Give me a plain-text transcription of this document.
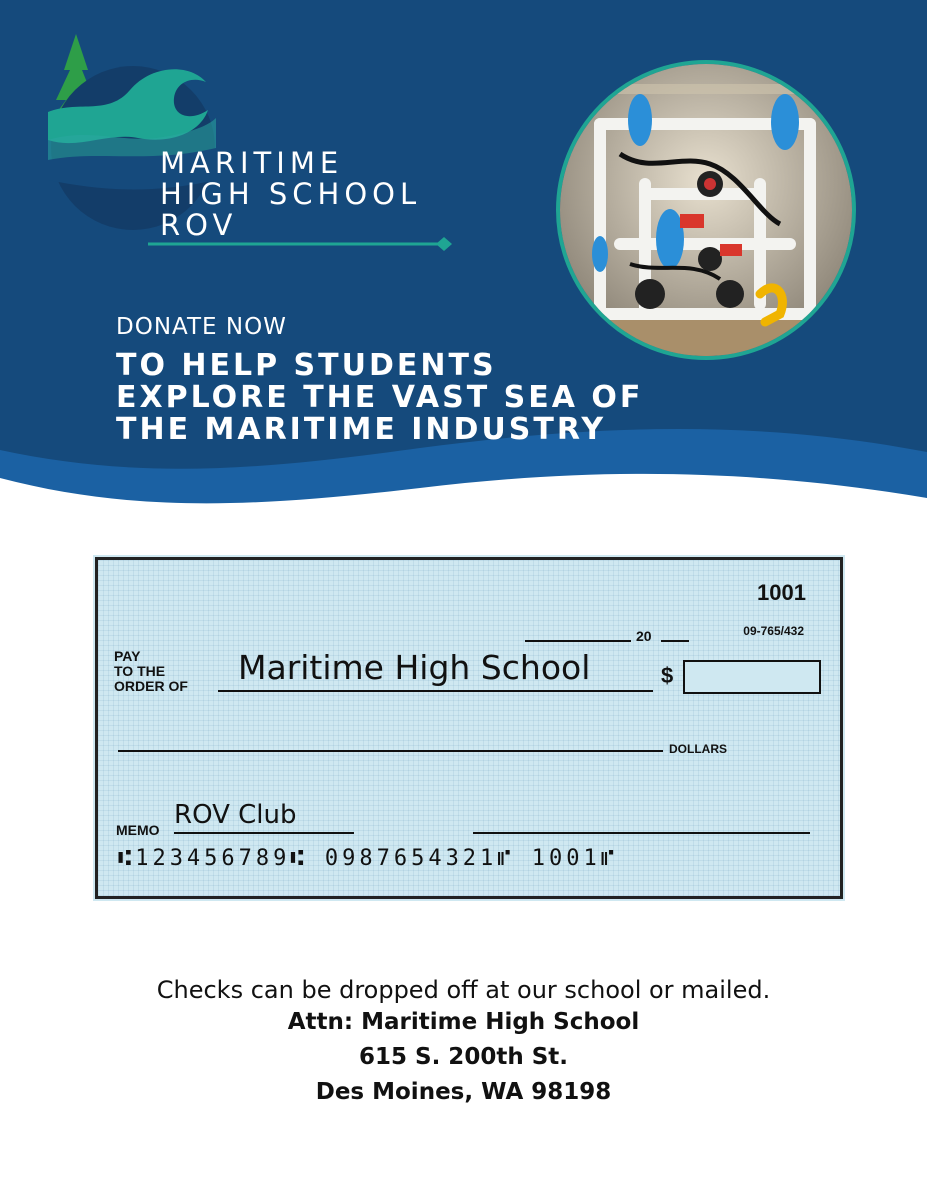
MARITIME
HIGH SCHOOL
ROV
DONATE NOW
TO HELP STUDENTS EXPLORE THE VAST SEA OF THE MARITIME INDUSTRY
1001
09-765/432
20
PAY
TO THE
ORDER OF Maritime High School	$
DOLLARS
MEMO ROV Club
⑆123456789⑆ 0987654321⑈ 1001⑈
Checks can be dropped off at our school or mailed.
Attn: Maritime High School
615 S. 200th St.
Des Moines, WA 98198
